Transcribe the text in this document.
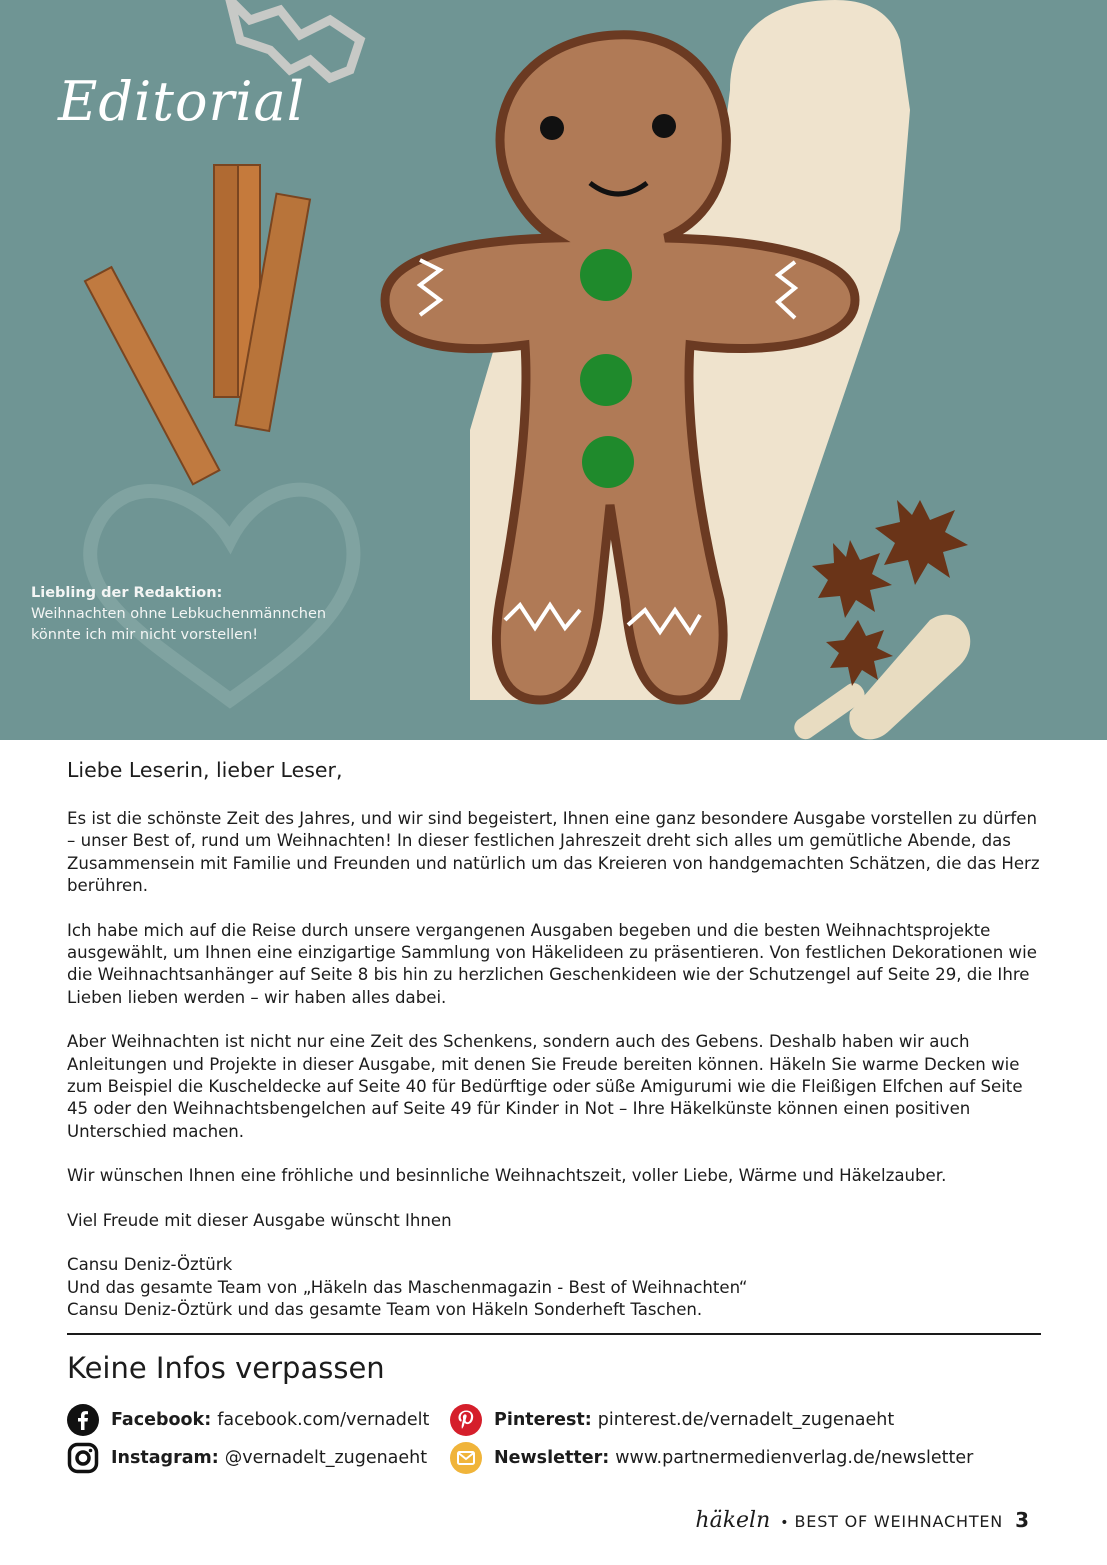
Editorial
Liebling der Redaktion:
Weihnachten ohne Lebkuchenmännchen
könnte ich mir nicht vorstellen!
Liebe Leserin, lieber Leser,

Es ist die schönste Zeit des Jahres, und wir sind begeistert, Ihnen eine ganz besondere Ausgabe vorstellen zu dürfen – unser Best of, rund um Weihnachten! In dieser festlichen Jahreszeit dreht sich alles um gemütliche Abende, das Zusammensein mit Familie und Freunden und natürlich um das Kreieren von handgemachten Schätzen, die das Herz berühren.

Ich habe mich auf die Reise durch unsere vergangenen Ausgaben begeben und die besten Weihnachtsprojekte ausgewählt, um Ihnen eine einzigartige Sammlung von Häkelideen zu präsentieren. Von festlichen Dekorationen wie die Weihnachtsanhänger auf Seite 8 bis hin zu herzlichen Geschenkideen wie der Schutzengel auf Seite 29, die Ihre Lieben lieben werden – wir haben alles dabei.

Aber Weihnachten ist nicht nur eine Zeit des Schenkens, sondern auch des Gebens. Deshalb haben wir auch Anleitungen und Projekte in dieser Ausgabe, mit denen Sie Freude bereiten können. Häkeln Sie warme Decken wie zum Beispiel die Kuscheldecke auf Seite 40 für Bedürftige oder süße Amigurumi wie die Fleißigen Elfchen auf Seite 45 oder den Weihnachtsbengelchen auf Seite 49 für Kinder in Not – Ihre Häkelkünste können einen positiven Unterschied machen.

Wir wünschen Ihnen eine fröhliche und besinnliche Weihnachtszeit, voller Liebe, Wärme und Häkelzauber.

Viel Freude mit dieser Ausgabe wünscht Ihnen

Cansu Deniz-Öztürk
Und das gesamte Team von „Häkeln das Maschenmagazin - Best of Weihnachten“
Cansu Deniz-Öztürk und das gesamte Team von Häkeln Sonderheft Taschen.
Keine Infos verpassen
Facebook: facebook.com/vernadelt	Pinterest: pinterest.de/vernadelt_zugenaeht
Instagram: @vernadelt_zugenaeht	Newsletter: www.partnermedienverlag.de/newsletter
häkeln • BEST OF WEIHNACHTEN 3
